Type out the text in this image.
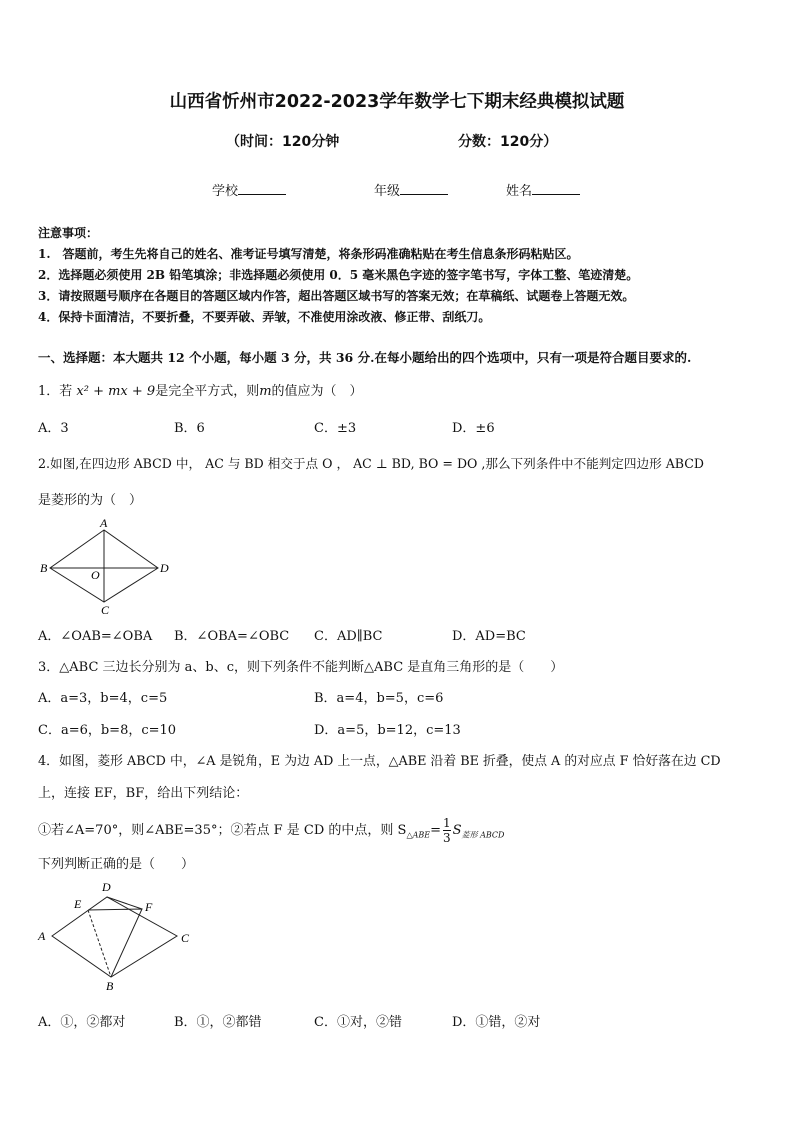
山西省忻州市2022-2023学年数学七下期末经典模拟试题
（时间：120分钟	分数：120分）
学校	年级	姓名
注意事项：
1.　答题前，考生先将自己的姓名、准考证号填写清楚，将条形码准确粘贴在考生信息条形码粘贴区。
2．选择题必须使用 2B 铅笔填涂；非选择题必须使用 0．5 毫米黑色字迹的签字笔书写，字体工整、笔迹清楚。
3．请按照题号顺序在各题目的答题区域内作答，超出答题区域书写的答案无效；在草稿纸、试题卷上答题无效。
4．保持卡面清洁，不要折叠，不要弄破、弄皱，不准使用涂改液、修正带、刮纸刀。
一、选择题：本大题共 12 个小题，每小题 3 分，共 36 分.在每小题给出的四个选项中，只有一项是符合题目要求的.
1．若 x² + mx + 9是完全平方式，则m的值应为（　）
A．3	B．6	C．±3	D．±6
2.如图,在四边形 ABCD 中， AC 与 BD 相交于点 O ， AC ⊥ BD, BO = DO ,那么下列条件中不能判定四边形 ABCD
是菱形的为（　）
A
B	O	D
C
A．∠OAB=∠OBA B．∠OBA=∠OBC C．AD∥BC	D．AD=BC
3．△ABC 三边长分别为 a、b、c，则下列条件不能判断△ABC 是直角三角形的是（　　）
A．a=3，b=4，c=5	B．a=4，b=5，c=6
C．a=6，b=8，c=10	D．a=5，b=12，c=13
4．如图，菱形 ABCD 中，∠A 是锐角，E 为边 AD 上一点，△ABE 沿着 BE 折叠，使点 A 的对应点 F 恰好落在边 CD
上，连接 EF，BF，给出下列结论：
①若∠A=70°，则∠ABE=35°；②若点 F 是 CD 的中点，则 $S_{\triangle ABE}= \frac{1}{3} S_{菱形 ABCD}$
下列判断正确的是（　　）
D
E	F
A	C
B
A．①，②都对	B．①，②都错	C．①对，②错	D．①错，②对
